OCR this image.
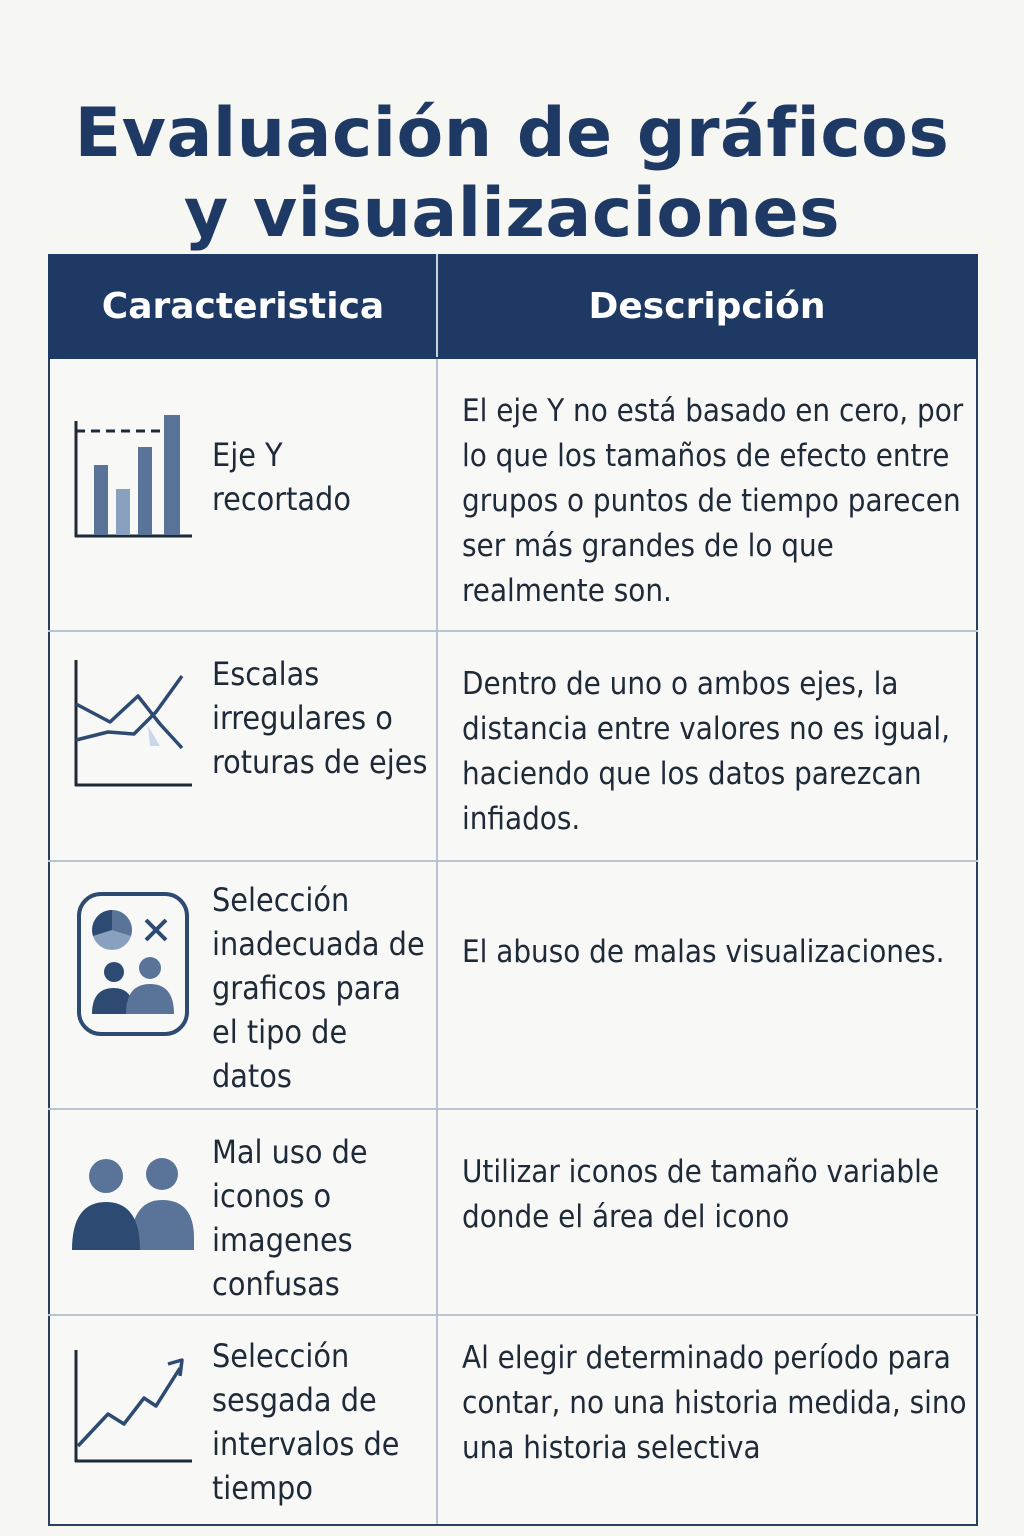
Evaluación de gráficos
y visualizaciones
Caracteristica	Descripción

Eje Y recortado	El eje Y no está basado en cero, por lo que los tamaños de efecto entre grupos o puntos de tiempo parecen ser más grandes de lo que realmente son.

Escalas irregulares o roturas de ejes	Dentro de uno o ambos ejes, la distancia entre valores no es igual, haciendo que los datos parezcan infiados.

Selección inadecuada de graficos para el tipo de datos	El abuso de malas visualizaciones.

Mal uso de iconos o imagenes confusas	Utilizar iconos de tamaño variable donde el área del icono

Selección sesgada de intervalos de tiempo	Al elegir determinado período para contar, no una historia medida, sino una historia selectiva
